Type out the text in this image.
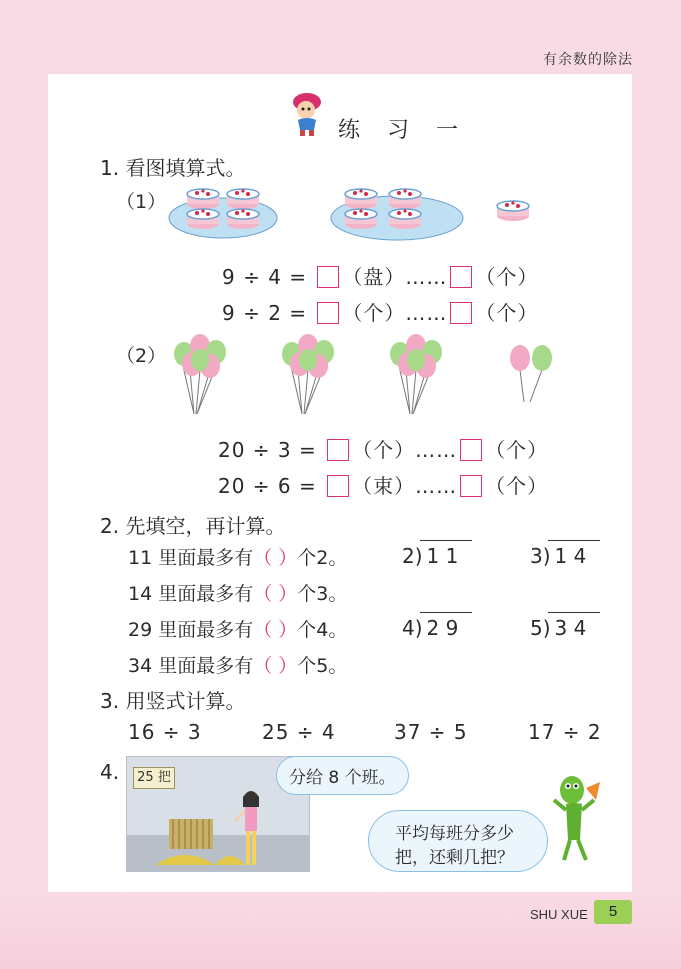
有余数的除法
练 习 一
1. 看图填算式。
（1）
9 ÷ 4 = （盘）…… （个）
9 ÷ 2 = （个）…… （个）
（2）
20 ÷ 3 = （个）…… （个）
20 ÷ 6 = （束）…… （个）
2. 先填空，再计算。
11 里面最多有（ ）个2。
14 里面最多有（ ）个3。
29 里面最多有（ ）个4。
34 里面最多有（ ）个5。
2) 1 1	3) 1 4
4) 2 9	5) 3 4
3. 用竖式计算。
16 ÷ 3	25 ÷ 4	37 ÷ 5	17 ÷ 2
4.	25 把	分给 8 个班。
平均每班分多少
把，还剩几把？
SHU XUE	5
